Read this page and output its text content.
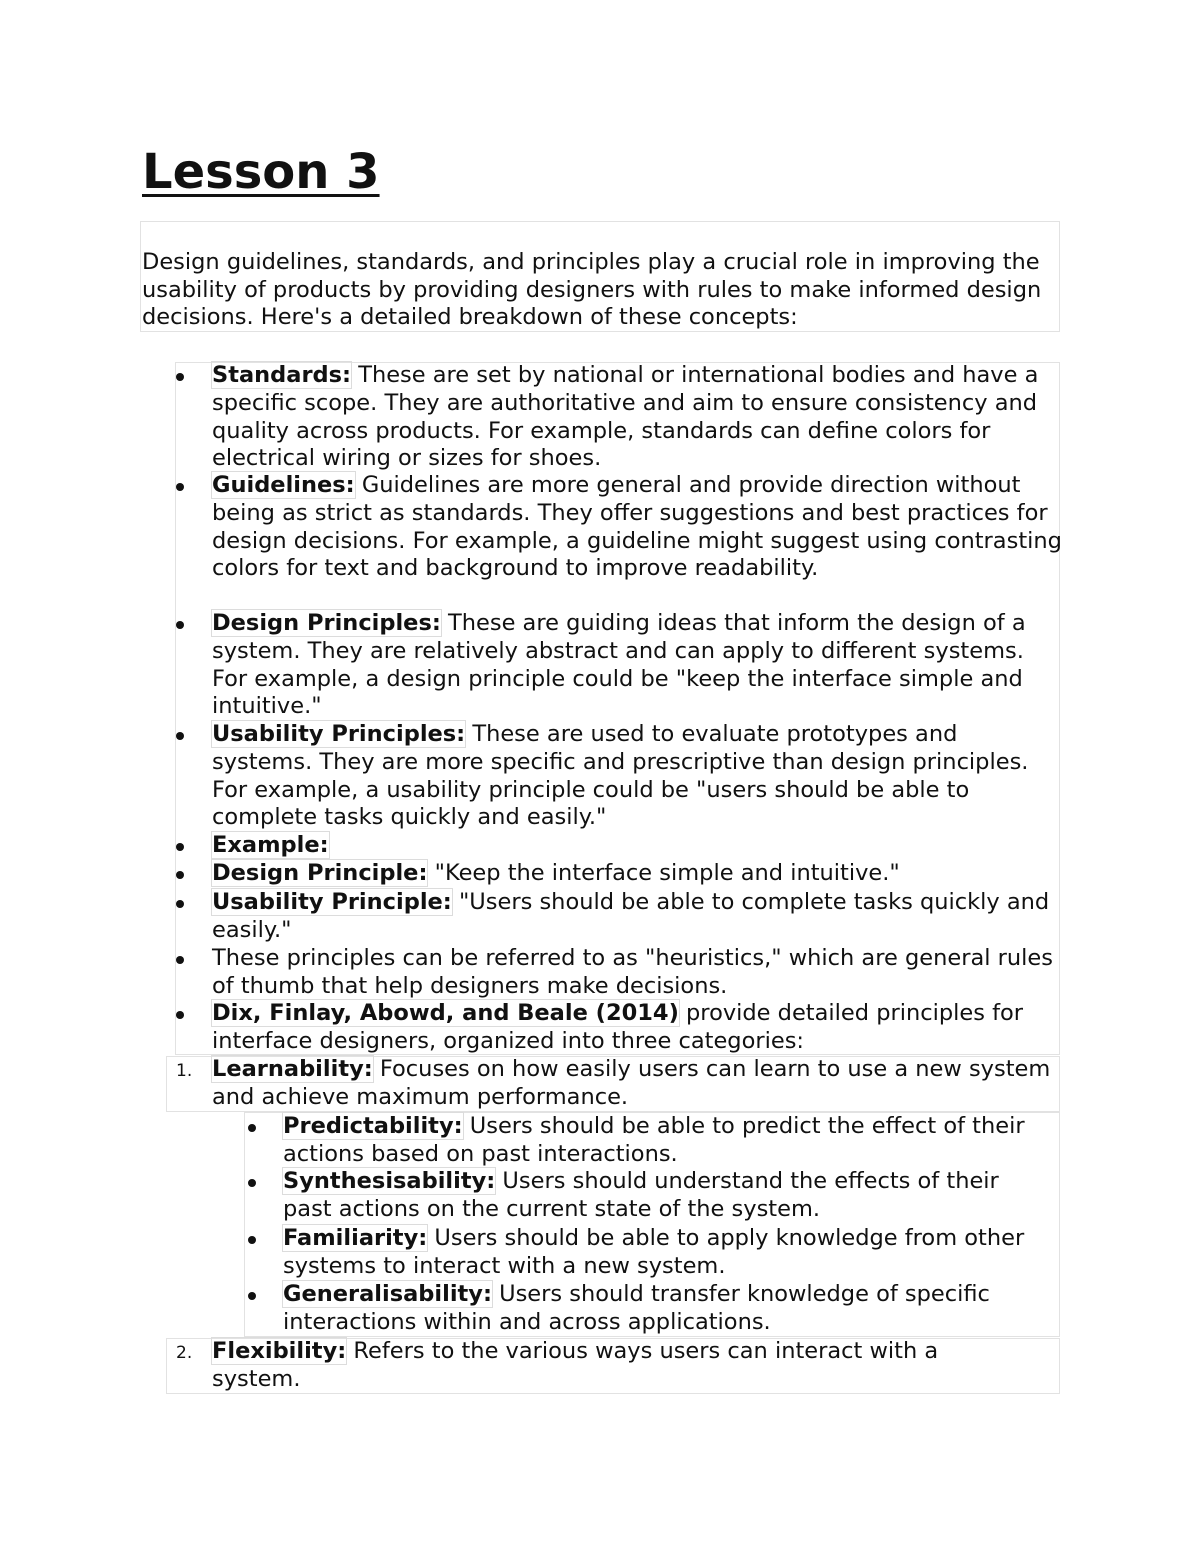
Lesson 3

Design guidelines, standards, and principles play a crucial role in improving the usability of products by providing designers with rules to make informed design decisions. Here's a detailed breakdown of these concepts:

Standards: These are set by national or international bodies and have a specific scope. They are authoritative and aim to ensure consistency and quality across products. For example, standards can define colors for electrical wiring or sizes for shoes.
Guidelines: Guidelines are more general and provide direction without being as strict as standards. They offer suggestions and best practices for design decisions. For example, a guideline might suggest using contrasting colors for text and background to improve readability.
Design Principles: These are guiding ideas that inform the design of a system. They are relatively abstract and can apply to different systems. For example, a design principle could be "keep the interface simple and intuitive."
Usability Principles: These are used to evaluate prototypes and systems. They are more specific and prescriptive than design principles. For example, a usability principle could be "users should be able to complete tasks quickly and easily."
Example:
Design Principle: "Keep the interface simple and intuitive."
Usability Principle: "Users should be able to complete tasks quickly and easily."
These principles can be referred to as "heuristics," which are general rules of thumb that help designers make decisions.
Dix, Finlay, Abowd, and Beale (2014) provide detailed principles for interface designers, organized into three categories:
1. Learnability: Focuses on how easily users can learn to use a new system and achieve maximum performance.
Predictability: Users should be able to predict the effect of their actions based on past interactions.
Synthesisability: Users should understand the effects of their past actions on the current state of the system.
Familiarity: Users should be able to apply knowledge from other systems to interact with a new system.
Generalisability: Users should transfer knowledge of specific interactions within and across applications.
2. Flexibility: Refers to the various ways users can interact with a system.
